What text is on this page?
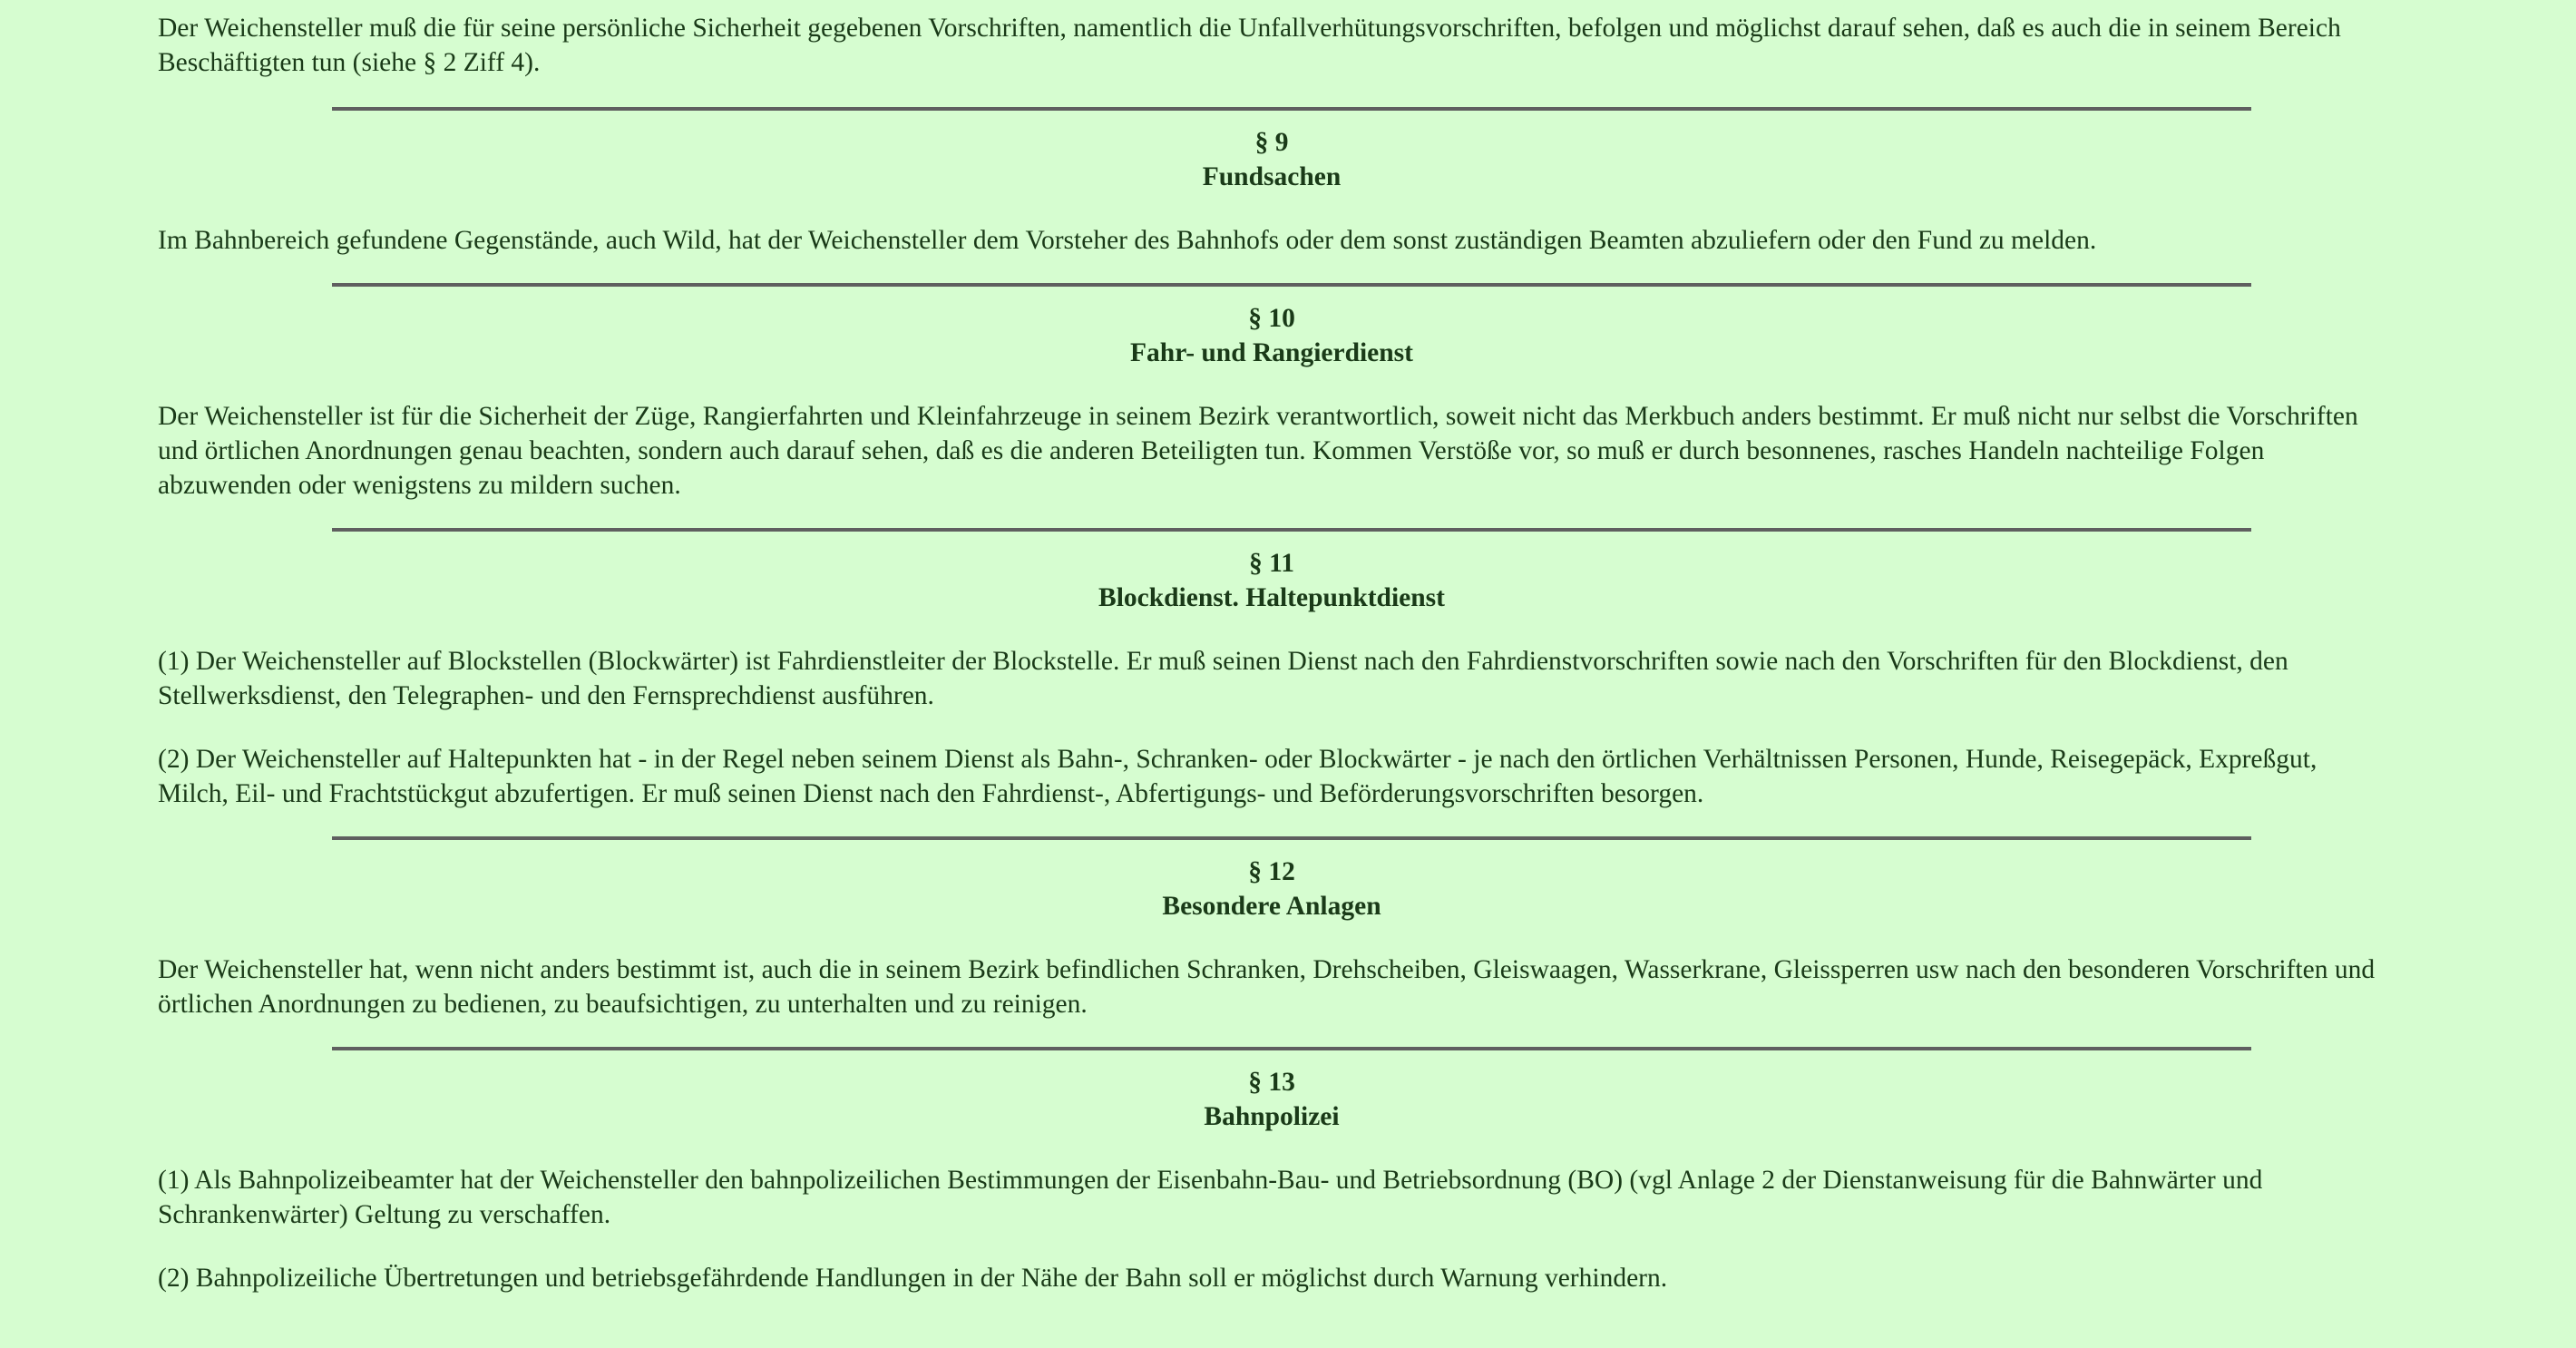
Der Weichensteller muß die für seine persönliche Sicherheit gegebenen Vorschriften, namentlich die Unfallverhütungsvorschriften, befolgen und möglichst darauf sehen, daß es auch die in seinem Bereich Beschäftigten tun (siehe § 2 Ziff 4).

§ 9
Fundsachen

Im Bahnbereich gefundene Gegenstände, auch Wild, hat der Weichensteller dem Vorsteher des Bahnhofs oder dem sonst zuständigen Beamten abzuliefern oder den Fund zu melden.

§ 10
Fahr- und Rangierdienst

Der Weichensteller ist für die Sicherheit der Züge, Rangierfahrten und Kleinfahrzeuge in seinem Bezirk verantwortlich, soweit nicht das Merkbuch anders bestimmt. Er muß nicht nur selbst die Vorschriften und örtlichen Anordnungen genau beachten, sondern auch darauf sehen, daß es die anderen Beteiligten tun. Kommen Verstöße vor, so muß er durch besonnenes, rasches Handeln nachteilige Folgen abzuwenden oder wenigstens zu mildern suchen.

§ 11
Blockdienst. Haltepunktdienst

(1) Der Weichensteller auf Blockstellen (Blockwärter) ist Fahrdienstleiter der Blockstelle. Er muß seinen Dienst nach den Fahrdienstvorschriften sowie nach den Vorschriften für den Blockdienst, den Stellwerksdienst, den Telegraphen- und den Fernsprechdienst ausführen.

(2) Der Weichensteller auf Haltepunkten hat - in der Regel neben seinem Dienst als Bahn-, Schranken- oder Blockwärter - je nach den örtlichen Verhältnissen Personen, Hunde, Reisegepäck, Expreßgut, Milch, Eil- und Frachtstückgut abzufertigen. Er muß seinen Dienst nach den Fahrdienst-, Abfertigungs- und Beförderungsvorschriften besorgen.

§ 12
Besondere Anlagen

Der Weichensteller hat, wenn nicht anders bestimmt ist, auch die in seinem Bezirk befindlichen Schranken, Drehscheiben, Gleiswaagen, Wasserkrane, Gleissperren usw nach den besonderen Vorschriften und örtlichen Anordnungen zu bedienen, zu beaufsichtigen, zu unterhalten und zu reinigen.

§ 13
Bahnpolizei

(1) Als Bahnpolizeibeamter hat der Weichensteller den bahnpolizeilichen Bestimmungen der Eisenbahn-Bau- und Betriebsordnung (BO) (vgl Anlage 2 der Dienstanweisung für die Bahnwärter und Schrankenwärter) Geltung zu verschaffen.

(2) Bahnpolizeiliche Übertretungen und betriebsgefährdende Handlungen in der Nähe der Bahn soll er möglichst durch Warnung verhindern.
